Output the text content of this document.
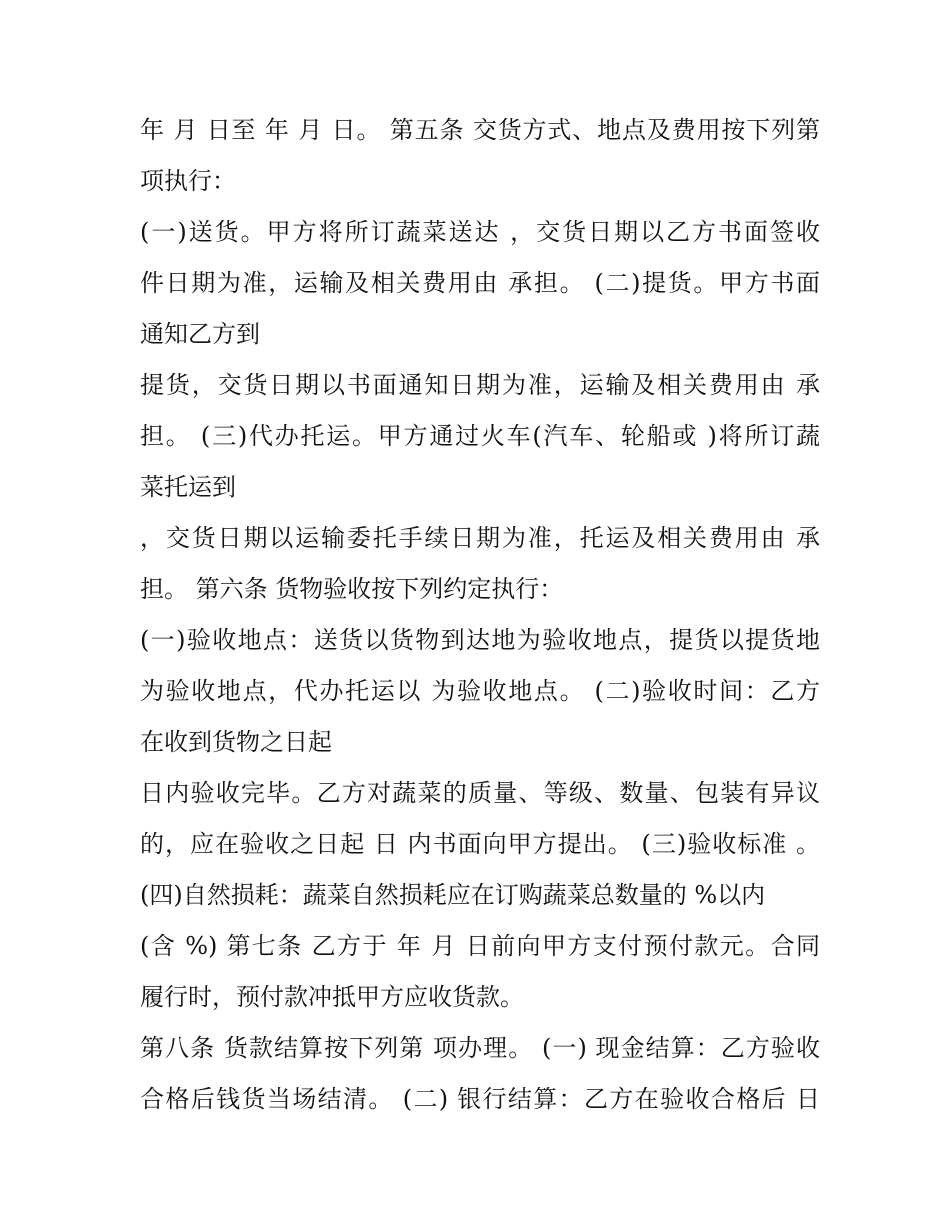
年 月 日至 年 月 日。 第五条 交货方式、地点及费用按下列第
项执行：
(一)送货。甲方将所订蔬菜送达 ，交货日期以乙方书面签收
件日期为准，运输及相关费用由 承担。 (二)提货。甲方书面
通知乙方到
提货，交货日期以书面通知日期为准，运输及相关费用由 承
担。 (三)代办托运。甲方通过火车(汽车、轮船或 )将所订蔬
菜托运到
，交货日期以运输委托手续日期为准，托运及相关费用由 承
担。 第六条 货物验收按下列约定执行：
(一)验收地点：送货以货物到达地为验收地点，提货以提货地
为验收地点，代办托运以 为验收地点。 (二)验收时间：乙方
在收到货物之日起
日内验收完毕。乙方对蔬菜的质量、等级、数量、包装有异议
的，应在验收之日起 日 内书面向甲方提出。 (三)验收标准 。
(四)自然损耗：蔬菜自然损耗应在订购蔬菜总数量的 %以内
(含 %) 第七条 乙方于 年 月 日前向甲方支付预付款元。合同
履行时，预付款冲抵甲方应收货款。
第八条 货款结算按下列第 项办理。 (一) 现金结算：乙方验收
合格后钱货当场结清。 (二) 银行结算：乙方在验收合格后 日
